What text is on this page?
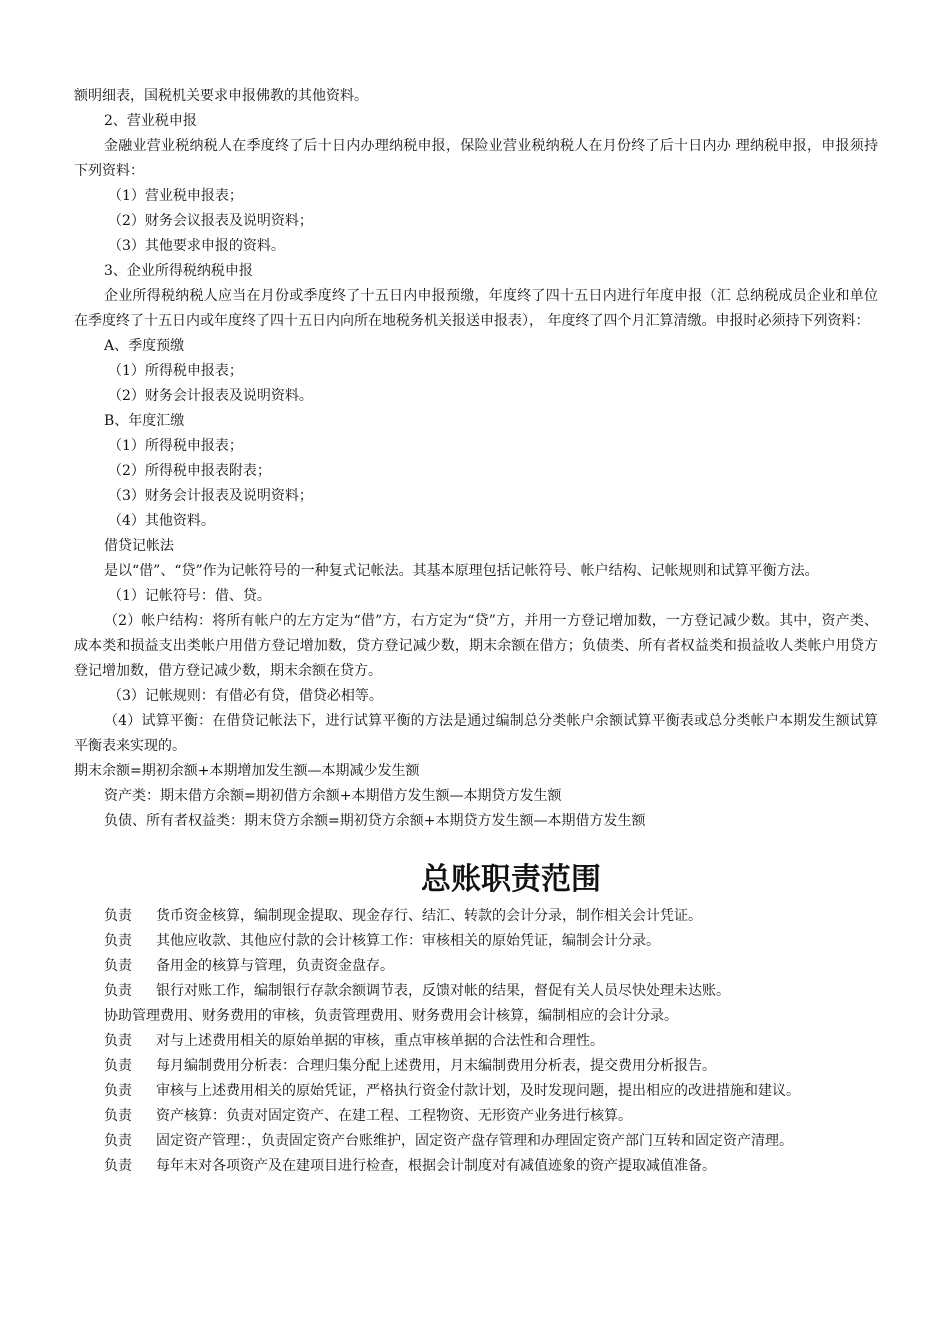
额明细表，国税机关要求申报佛教的其他资料。
2、营业税申报
金融业营业税纳税人在季度终了后十日内办理纳税申报，保险业营业税纳税人在月份终了后十日内办 理纳税申报，申报须持下列资料：
（1）营业税申报表；
（2）财务会议报表及说明资料；
（3）其他要求申报的资料。
3、企业所得税纳税申报
企业所得税纳税人应当在月份或季度终了十五日内申报预缴，年度终了四十五日内进行年度申报（汇 总纳税成员企业和单位在季度终了十五日内或年度终了四十五日内向所在地税务机关报送申报表）， 年度终了四个月汇算清缴。申报时必须持下列资料：
A、季度预缴
（1）所得税申报表；
（2）财务会计报表及说明资料。
B、年度汇缴
（1）所得税申报表；
（2）所得税申报表附表；
（3）财务会计报表及说明资料；
（4）其他资料。
借贷记帐法
是以“借”、“贷”作为记帐符号的一种复式记帐法。其基本原理包括记帐符号、帐户结构、记帐规则和试算平衡方法。
（1）记帐符号：借、贷。
（2）帐户结构：将所有帐户的左方定为“借”方，右方定为“贷”方，并用一方登记增加数，一方登记减少数。其中，资产类、成本类和损益支出类帐户用借方登记增加数，贷方登记减少数，期末余额在借方；负债类、所有者权益类和损益收人类帐户用贷方登记增加数，借方登记减少数，期末余额在贷方。
（3）记帐规则：有借必有贷，借贷必相等。
（4）试算平衡：在借贷记帐法下，进行试算平衡的方法是通过编制总分类帐户余额试算平衡表或总分类帐户本期发生额试算平衡表来实现的。
期末余额=期初余额+本期增加发生额—本期减少发生额
资产类：期末借方余额=期初借方余额+本期借方发生额—本期贷方发生额
负债、所有者权益类：期末贷方余额=期初贷方余额+本期贷方发生额—本期借方发生额
总账职责范围
负责 货币资金核算，编制现金提取、现金存行、结汇、转款的会计分录，制作相关会计凭证。
负责 其他应收款、其他应付款的会计核算工作：审核相关的原始凭证，编制会计分录。
负责 备用金的核算与管理，负责资金盘存。
负责 银行对账工作，编制银行存款余额调节表，反馈对帐的结果，督促有关人员尽快处理未达账。
协助管理费用、财务费用的审核，负责管理费用、财务费用会计核算，编制相应的会计分录。
负责 对与上述费用相关的原始单据的审核，重点审核单据的合法性和合理性。
负责 每月编制费用分析表：合理归集分配上述费用，月末编制费用分析表，提交费用分析报告。
负责 审核与上述费用相关的原始凭证，严格执行资金付款计划，及时发现问题，提出相应的改进措施和建议。
负责 资产核算：负责对固定资产、在建工程、工程物资、无形资产业务进行核算。
负责 固定资产管理：，负责固定资产台账维护，固定资产盘存管理和办理固定资产部门互转和固定资产清理。
负责 每年末对各项资产及在建项目进行检查，根据会计制度对有减值迹象的资产提取减值准备。
